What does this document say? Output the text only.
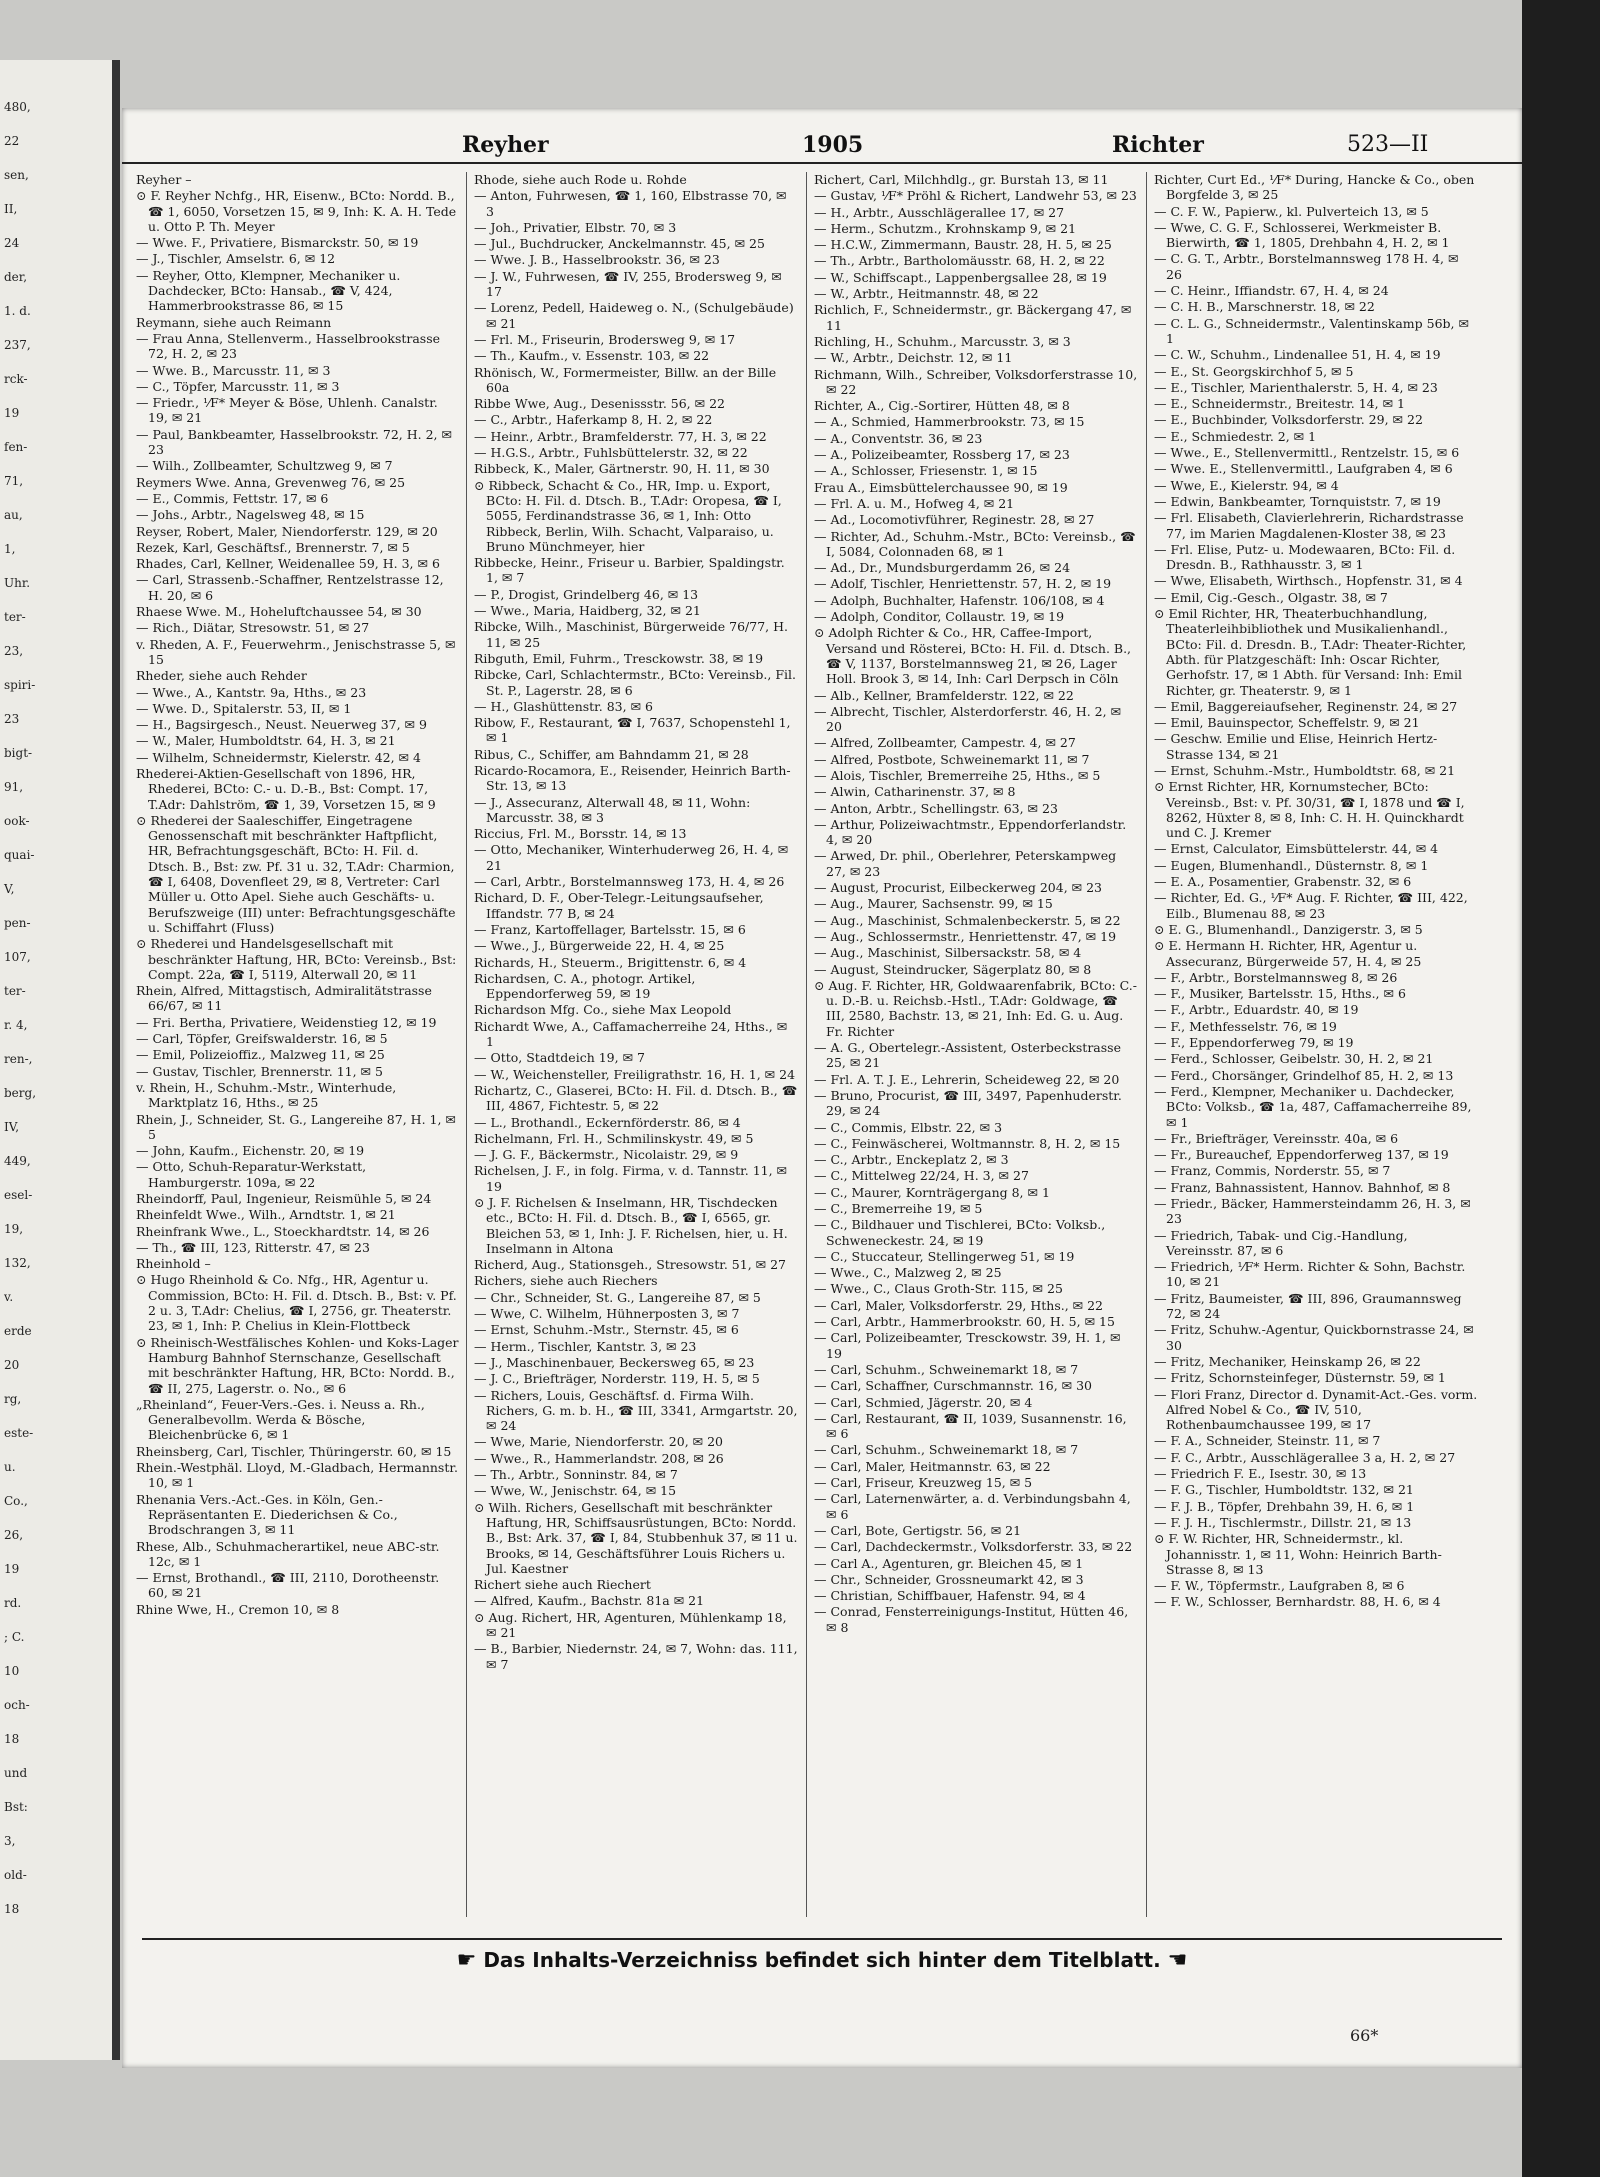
480,
22
sen,
II,
24
der,
1. d.
237,
rck-
19
fen-
71,
au,
1,
Uhr.
ter-
23,
spiri-
23
bigt-
91,
ook-
quai-
V,
pen-
107,
ter-
r. 4,
ren-,
berg,
IV,
449,
esel-
19,
132,
v.
erde
20
rg,
este-
u.
Co.,
26,
19
rd.
; C.
10
och-
18
und
Bst:
3,
old-
18
Reyher	1905	Richter	523—II
Reyher –
⊙ F. Reyher Nchfg., HR, Eisenw., BCto: Nordd. B., ☎ 1, 6050, Vorsetzen 15, ✉ 9, Inh: K. A. H. Tede u. Otto P. Th. Meyer
— Wwe. F., Privatiere, Bismarckstr. 50, ✉ 19
— J., Tischler, Amselstr. 6, ✉ 12
— Reyher, Otto, Klempner, Mechaniker u. Dachdecker, BCto: Hansab., ☎ V, 424, Hammerbrookstrasse 86, ✉ 15
Reymann, siehe auch Reimann
— Frau Anna, Stellenverm., Hasselbrookstrasse 72, H. 2, ✉ 23
— Wwe. B., Marcusstr. 11, ✉ 3
— C., Töpfer, Marcusstr. 11, ✉ 3
— Friedr., ⅟F* Meyer & Böse, Uhlenh. Canalstr. 19, ✉ 21
— Paul, Bankbeamter, Hasselbrookstr. 72, H. 2, ✉ 23
— Wilh., Zollbeamter, Schultzweg 9, ✉ 7
Reymers Wwe. Anna, Grevenweg 76, ✉ 25
— E., Commis, Fettstr. 17, ✉ 6
— Johs., Arbtr., Nagelsweg 48, ✉ 15
Reyser, Robert, Maler, Niendorferstr. 129, ✉ 20
Rezek, Karl, Geschäftsf., Brennerstr. 7, ✉ 5
Rhades, Carl, Kellner, Weidenallee 59, H. 3, ✉ 6
— Carl, Strassenb.-Schaffner, Rentzelstrasse 12, H. 20, ✉ 6
Rhaese Wwe. M., Hoheluftchaussee 54, ✉ 30
— Rich., Diätar, Stresowstr. 51, ✉ 27
v. Rheden, A. F., Feuerwehrm., Jenischstrasse 5, ✉ 15
Rheder, siehe auch Rehder
— Wwe., A., Kantstr. 9a, Hths., ✉ 23
— Wwe. D., Spitalerstr. 53, II, ✉ 1
— H., Bagsirgesch., Neust. Neuerweg 37, ✉ 9
— W., Maler, Humboldtstr. 64, H. 3, ✉ 21
— Wilhelm, Schneidermstr, Kielerstr. 42, ✉ 4
Rhederei-Aktien-Gesellschaft von 1896, HR, Rhederei, BCto: C.- u. D.-B., Bst: Compt. 17, T.Adr: Dahlström, ☎ 1, 39, Vorsetzen 15, ✉ 9
⊙ Rhederei der Saaleschiffer, Eingetragene Genossenschaft mit beschränkter Haftpflicht, HR, Befrachtungsgeschäft, BCto: H. Fil. d. Dtsch. B., Bst: zw. Pf. 31 u. 32, T.Adr: Charmion, ☎ I, 6408, Dovenfleet 29, ✉ 8, Vertreter: Carl Müller u. Otto Apel. Siehe auch Geschäfts- u. Berufszweige (III) unter: Befrachtungsgeschäfte u. Schiffahrt (Fluss)
⊙ Rhederei und Handelsgesellschaft mit beschränkter Haftung, HR, BCto: Vereinsb., Bst: Compt. 22a, ☎ I, 5119, Alterwall 20, ✉ 11
Rhein, Alfred, Mittagstisch, Admiralitätstrasse 66/67, ✉ 11
— Fri. Bertha, Privatiere, Weidenstieg 12, ✉ 19
— Carl, Töpfer, Greifswalderstr. 16, ✉ 5
— Emil, Polizeioffiz., Malzweg 11, ✉ 25
— Gustav, Tischler, Brennerstr. 11, ✉ 5
v. Rhein, H., Schuhm.-Mstr., Winterhude, Marktplatz 16, Hths., ✉ 25
Rhein, J., Schneider, St. G., Langereihe 87, H. 1, ✉ 5
— John, Kaufm., Eichenstr. 20, ✉ 19
— Otto, Schuh-Reparatur-Werkstatt, Hamburgerstr. 109a, ✉ 22
Rheindorff, Paul, Ingenieur, Reismühle 5, ✉ 24
Rheinfeldt Wwe., Wilh., Arndtstr. 1, ✉ 21
Rheinfrank Wwe., L., Stoeckhardtstr. 14, ✉ 26
— Th., ☎ III, 123, Ritterstr. 47, ✉ 23
Rheinhold –
⊙ Hugo Rheinhold & Co. Nfg., HR, Agentur u. Commission, BCto: H. Fil. d. Dtsch. B., Bst: v. Pf. 2 u. 3, T.Adr: Chelius, ☎ I, 2756, gr. Theaterstr. 23, ✉ 1, Inh: P. Chelius in Klein-Flottbeck
⊙ Rheinisch-Westfälisches Kohlen- und Koks-Lager Hamburg Bahnhof Sternschanze, Gesellschaft mit beschränkter Haftung, HR, BCto: Nordd. B., ☎ II, 275, Lagerstr. o. No., ✉ 6
„Rheinland“, Feuer-Vers.-Ges. i. Neuss a. Rh., Generalbevollm. Werda & Bösche, Bleichenbrücke 6, ✉ 1
Rheinsberg, Carl, Tischler, Thüringerstr. 60, ✉ 15
Rhein.-Westphäl. Lloyd, M.-Gladbach, Hermannstr. 10, ✉ 1
Rhenania Vers.-Act.-Ges. in Köln, Gen.-Repräsentanten E. Diederichsen & Co., Brodschrangen 3, ✉ 11
Rhese, Alb., Schuhmacherartikel, neue ABC-str. 12c, ✉ 1
— Ernst, Brothandl., ☎ III, 2110, Dorotheenstr. 60, ✉ 21
Rhine Wwe, H., Cremon 10, ✉ 8
Rhode, siehe auch Rode u. Rohde
— Anton, Fuhrwesen, ☎ 1, 160, Elbstrasse 70, ✉ 3
— Joh., Privatier, Elbstr. 70, ✉ 3
— Jul., Buchdrucker, Anckelmannstr. 45, ✉ 25
— Wwe. J. B., Hasselbrookstr. 36, ✉ 23
— J. W., Fuhrwesen, ☎ IV, 255, Brodersweg 9, ✉ 17
— Lorenz, Pedell, Haideweg o. N., (Schulgebäude) ✉ 21
— Frl. M., Friseurin, Brodersweg 9, ✉ 17
— Th., Kaufm., v. Essenstr. 103, ✉ 22
Rhönisch, W., Formermeister, Billw. an der Bille 60a
Ribbe Wwe, Aug., Desenissstr. 56, ✉ 22
— C., Arbtr., Haferkamp 8, H. 2, ✉ 22
— Heinr., Arbtr., Bramfelderstr. 77, H. 3, ✉ 22
— H.G.S., Arbtr., Fuhlsbüttelerstr. 32, ✉ 22
Ribbeck, K., Maler, Gärtnerstr. 90, H. 11, ✉ 30
⊙ Ribbeck, Schacht & Co., HR, Imp. u. Export, BCto: H. Fil. d. Dtsch. B., T.Adr: Oropesa, ☎ I, 5055, Ferdinandstrasse 36, ✉ 1, Inh: Otto Ribbeck, Berlin, Wilh. Schacht, Valparaiso, u. Bruno Münchmeyer, hier
Ribbecke, Heinr., Friseur u. Barbier, Spaldingstr. 1, ✉ 7
— P., Drogist, Grindelberg 46, ✉ 13
— Wwe., Maria, Haidberg, 32, ✉ 21
Ribcke, Wilh., Maschinist, Bürgerweide 76/77, H. 11, ✉ 25
Ribguth, Emil, Fuhrm., Tresckowstr. 38, ✉ 19
Ribcke, Carl, Schlachtermstr., BCto: Vereinsb., Fil. St. P., Lagerstr. 28, ✉ 6
— H., Glashüttenstr. 83, ✉ 6
Ribow, F., Restaurant, ☎ I, 7637, Schopenstehl 1, ✉ 1
Ribus, C., Schiffer, am Bahndamm 21, ✉ 28
Ricardo-Rocamora, E., Reisender, Heinrich Barth-Str. 13, ✉ 13
— J., Assecuranz, Alterwall 48, ✉ 11, Wohn: Marcusstr. 38, ✉ 3
Riccius, Frl. M., Borsstr. 14, ✉ 13
— Otto, Mechaniker, Winterhuderweg 26, H. 4, ✉ 21
— Carl, Arbtr., Borstelmannsweg 173, H. 4, ✉ 26
Richard, D. F., Ober-Telegr.-Leitungsaufseher, Iffandstr. 77 B, ✉ 24
— Franz, Kartoffellager, Bartelsstr. 15, ✉ 6
— Wwe., J., Bürgerweide 22, H. 4, ✉ 25
Richards, H., Steuerm., Brigittenstr. 6, ✉ 4
Richardsen, C. A., photogr. Artikel, Eppendorferweg 59, ✉ 19
Richardson Mfg. Co., siehe Max Leopold
Richardt Wwe, A., Caffamacherreihe 24, Hths., ✉ 1
— Otto, Stadtdeich 19, ✉ 7
— W., Weichensteller, Freiligrathstr. 16, H. 1, ✉ 24
Richartz, C., Glaserei, BCto: H. Fil. d. Dtsch. B., ☎ III, 4867, Fichtestr. 5, ✉ 22
— L., Brothandl., Eckernförderstr. 86, ✉ 4
Richelmann, Frl. H., Schmilinskystr. 49, ✉ 5
— J. G. F., Bäckermstr., Nicolaistr. 29, ✉ 9
Richelsen, J. F., in folg. Firma, v. d. Tannstr. 11, ✉ 19
⊙ J. F. Richelsen & Inselmann, HR, Tischdecken etc., BCto: H. Fil. d. Dtsch. B., ☎ I, 6565, gr. Bleichen 53, ✉ 1, Inh: J. F. Richelsen, hier, u. H. Inselmann in Altona
Richerd, Aug., Stationsgeh., Stresowstr. 51, ✉ 27
Richers, siehe auch Riechers
— Chr., Schneider, St. G., Langereihe 87, ✉ 5
— Wwe, C. Wilhelm, Hühnerposten 3, ✉ 7
— Ernst, Schuhm.-Mstr., Sternstr. 45, ✉ 6
— Herm., Tischler, Kantstr. 3, ✉ 23
— J., Maschinenbauer, Beckersweg 65, ✉ 23
— J. C., Briefträger, Norderstr. 119, H. 5, ✉ 5
— Richers, Louis, Geschäftsf. d. Firma Wilh. Richers, G. m. b. H., ☎ III, 3341, Armgartstr. 20, ✉ 24
— Wwe, Marie, Niendorferstr. 20, ✉ 20
— Wwe., R., Hammerlandstr. 208, ✉ 26
— Th., Arbtr., Sonninstr. 84, ✉ 7
— Wwe, W., Jenischstr. 64, ✉ 15
⊙ Wilh. Richers, Gesellschaft mit beschränkter Haftung, HR, Schiffsausrüstungen, BCto: Nordd. B., Bst: Ark. 37, ☎ I, 84, Stubbenhuk 37, ✉ 11 u. Brooks, ✉ 14, Geschäftsführer Louis Richers u. Jul. Kaestner
Richert siehe auch Riechert
— Alfred, Kaufm., Bachstr. 81a ✉ 21
⊙ Aug. Richert, HR, Agenturen, Mühlenkamp 18, ✉ 21
— B., Barbier, Niedernstr. 24, ✉ 7, Wohn: das. 111, ✉ 7
Richert, Carl, Milchhdlg., gr. Burstah 13, ✉ 11
— Gustav, ⅟F* Pröhl & Richert, Landwehr 53, ✉ 23
— H., Arbtr., Ausschlägerallee 17, ✉ 27
— Herm., Schutzm., Krohnskamp 9, ✉ 21
— H.C.W., Zimmermann, Baustr. 28, H. 5, ✉ 25
— Th., Arbtr., Bartholomäusstr. 68, H. 2, ✉ 22
— W., Schiffscapt., Lappenbergsallee 28, ✉ 19
— W., Arbtr., Heitmannstr. 48, ✉ 22
Richlich, F., Schneidermstr., gr. Bäckergang 47, ✉ 11
Richling, H., Schuhm., Marcusstr. 3, ✉ 3
— W., Arbtr., Deichstr. 12, ✉ 11
Richmann, Wilh., Schreiber, Volksdorferstrasse 10, ✉ 22
Richter, A., Cig.-Sortirer, Hütten 48, ✉ 8
— A., Schmied, Hammerbrookstr. 73, ✉ 15
— A., Conventstr. 36, ✉ 23
— A., Polizeibeamter, Rossberg 17, ✉ 23
— A., Schlosser, Friesenstr. 1, ✉ 15
Frau A., Eimsbüttelerchaussee 90, ✉ 19
— Frl. A. u. M., Hofweg 4, ✉ 21
— Ad., Locomotivführer, Reginestr. 28, ✉ 27
— Richter, Ad., Schuhm.-Mstr., BCto: Vereinsb., ☎ I, 5084, Colonnaden 68, ✉ 1
— Ad., Dr., Mundsburgerdamm 26, ✉ 24
— Adolf, Tischler, Henriettenstr. 57, H. 2, ✉ 19
— Adolph, Buchhalter, Hafenstr. 106/108, ✉ 4
— Adolph, Conditor, Collaustr. 19, ✉ 19
⊙ Adolph Richter & Co., HR, Caffee-Import, Versand und Rösterei, BCto: H. Fil. d. Dtsch. B., ☎ V, 1137, Borstelmannsweg 21, ✉ 26, Lager Holl. Brook 3, ✉ 14, Inh: Carl Derpsch in Cöln
— Alb., Kellner, Bramfelderstr. 122, ✉ 22
— Albrecht, Tischler, Alsterdorferstr. 46, H. 2, ✉ 20
— Alfred, Zollbeamter, Campestr. 4, ✉ 27
— Alfred, Postbote, Schweinemarkt 11, ✉ 7
— Alois, Tischler, Bremerreihe 25, Hths., ✉ 5
— Alwin, Catharinenstr. 37, ✉ 8
— Anton, Arbtr., Schellingstr. 63, ✉ 23
— Arthur, Polizeiwachtmstr., Eppendorferlandstr. 4, ✉ 20
— Arwed, Dr. phil., Oberlehrer, Peterskampweg 27, ✉ 23
— August, Procurist, Eilbeckerweg 204, ✉ 23
— Aug., Maurer, Sachsenstr. 99, ✉ 15
— Aug., Maschinist, Schmalenbeckerstr. 5, ✉ 22
— Aug., Schlossermstr., Henriettenstr. 47, ✉ 19
— Aug., Maschinist, Silbersackstr. 58, ✉ 4
— August, Steindrucker, Sägerplatz 80, ✉ 8
⊙ Aug. F. Richter, HR, Goldwaarenfabrik, BCto: C.- u. D.-B. u. Reichsb.-Hstl., T.Adr: Goldwage, ☎ III, 2580, Bachstr. 13, ✉ 21, Inh: Ed. G. u. Aug. Fr. Richter
— A. G., Obertelegr.-Assistent, Osterbeckstrasse 25, ✉ 21
— Frl. A. T. J. E., Lehrerin, Scheideweg 22, ✉ 20
— Bruno, Procurist, ☎ III, 3497, Papenhuderstr. 29, ✉ 24
— C., Commis, Elbstr. 22, ✉ 3
— C., Feinwäscherei, Woltmannstr. 8, H. 2, ✉ 15
— C., Arbtr., Enckeplatz 2, ✉ 3
— C., Mittelweg 22/24, H. 3, ✉ 27
— C., Maurer, Kornträgergang 8, ✉ 1
— C., Bremerreihe 19, ✉ 5
— C., Bildhauer und Tischlerei, BCto: Volksb., Schweneckestr. 24, ✉ 19
— C., Stuccateur, Stellingerweg 51, ✉ 19
— Wwe., C., Malzweg 2, ✉ 25
— Wwe., C., Claus Groth-Str. 115, ✉ 25
— Carl, Maler, Volksdorferstr. 29, Hths., ✉ 22
— Carl, Arbtr., Hammerbrookstr. 60, H. 5, ✉ 15
— Carl, Polizeibeamter, Tresckowstr. 39, H. 1, ✉ 19
— Carl, Schuhm., Schweinemarkt 18, ✉ 7
— Carl, Schaffner, Curschmannstr. 16, ✉ 30
— Carl, Schmied, Jägerstr. 20, ✉ 4
— Carl, Restaurant, ☎ II, 1039, Susannenstr. 16, ✉ 6
— Carl, Schuhm., Schweinemarkt 18, ✉ 7
— Carl, Maler, Heitmannstr. 63, ✉ 22
— Carl, Friseur, Kreuzweg 15, ✉ 5
— Carl, Laternenwärter, a. d. Verbindungsbahn 4, ✉ 6
— Carl, Bote, Gertigstr. 56, ✉ 21
— Carl, Dachdeckermstr., Volksdorferstr. 33, ✉ 22
— Carl A., Agenturen, gr. Bleichen 45, ✉ 1
— Chr., Schneider, Grossneumarkt 42, ✉ 3
— Christian, Schiffbauer, Hafenstr. 94, ✉ 4
— Conrad, Fensterreinigungs-Institut, Hütten 46, ✉ 8
Richter, Curt Ed., ⅟F* During, Hancke & Co., oben Borgfelde 3, ✉ 25
— C. F. W., Papierw., kl. Pulverteich 13, ✉ 5
— Wwe, C. G. F., Schlosserei, Werkmeister B. Bierwirth, ☎ 1, 1805, Drehbahn 4, H. 2, ✉ 1
— C. G. T., Arbtr., Borstelmannsweg 178 H. 4, ✉ 26
— C. Heinr., Iffiandstr. 67, H. 4, ✉ 24
— C. H. B., Marschnerstr. 18, ✉ 22
— C. L. G., Schneidermstr., Valentinskamp 56b, ✉ 1
— C. W., Schuhm., Lindenallee 51, H. 4, ✉ 19
— E., St. Georgskirchhof 5, ✉ 5
— E., Tischler, Marienthalerstr. 5, H. 4, ✉ 23
— E., Schneidermstr., Breitestr. 14, ✉ 1
— E., Buchbinder, Volksdorferstr. 29, ✉ 22
— E., Schmiedestr. 2, ✉ 1
— Wwe., E., Stellenvermittl., Rentzelstr. 15, ✉ 6
— Wwe. E., Stellenvermittl., Laufgraben 4, ✉ 6
— Wwe, E., Kielerstr. 94, ✉ 4
— Edwin, Bankbeamter, Tornquiststr. 7, ✉ 19
— Frl. Elisabeth, Clavierlehrerin, Richardstrasse 77, im Marien Magdalenen-Kloster 38, ✉ 23
— Frl. Elise, Putz- u. Modewaaren, BCto: Fil. d. Dresdn. B., Rathhausstr. 3, ✉ 1
— Wwe, Elisabeth, Wirthsch., Hopfenstr. 31, ✉ 4
— Emil, Cig.-Gesch., Olgastr. 38, ✉ 7
⊙ Emil Richter, HR, Theaterbuchhandlung, Theaterleihbibliothek und Musikalienhandl., BCto: Fil. d. Dresdn. B., T.Adr: Theater-Richter, Abth. für Platzgeschäft: Inh: Oscar Richter, Gerhofstr. 17, ✉ 1 Abth. für Versand: Inh: Emil Richter, gr. Theaterstr. 9, ✉ 1
— Emil, Baggereiaufseher, Reginenstr. 24, ✉ 27
— Emil, Bauinspector, Scheffelstr. 9, ✉ 21
— Geschw. Emilie und Elise, Heinrich Hertz-Strasse 134, ✉ 21
— Ernst, Schuhm.-Mstr., Humboldtstr. 68, ✉ 21
⊙ Ernst Richter, HR, Kornumstecher, BCto: Vereinsb., Bst: v. Pf. 30/31, ☎ I, 1878 und ☎ I, 8262, Hüxter 8, ✉ 8, Inh: C. H. H. Quinckhardt und C. J. Kremer
— Ernst, Calculator, Eimsbüttelerstr. 44, ✉ 4
— Eugen, Blumenhandl., Düsternstr. 8, ✉ 1
— E. A., Posamentier, Grabenstr. 32, ✉ 6
— Richter, Ed. G., ⅟F* Aug. F. Richter, ☎ III, 422, Eilb., Blumenau 88, ✉ 23
⊙ E. G., Blumenhandl., Danzigerstr. 3, ✉ 5
⊙ E. Hermann H. Richter, HR, Agentur u. Assecuranz, Bürgerweide 57, H. 4, ✉ 25
— F., Arbtr., Borstelmannsweg 8, ✉ 26
— F., Musiker, Bartelsstr. 15, Hths., ✉ 6
— F., Arbtr., Eduardstr. 40, ✉ 19
— F., Methfesselstr. 76, ✉ 19
— F., Eppendorferweg 79, ✉ 19
— Ferd., Schlosser, Geibelstr. 30, H. 2, ✉ 21
— Ferd., Chorsänger, Grindelhof 85, H. 2, ✉ 13
— Ferd., Klempner, Mechaniker u. Dachdecker, BCto: Volksb., ☎ 1a, 487, Caffamacherreihe 89, ✉ 1
— Fr., Briefträger, Vereinsstr. 40a, ✉ 6
— Fr., Bureauchef, Eppendorferweg 137, ✉ 19
— Franz, Commis, Norderstr. 55, ✉ 7
— Franz, Bahnassistent, Hannov. Bahnhof, ✉ 8
— Friedr., Bäcker, Hammersteindamm 26, H. 3, ✉ 23
— Friedrich, Tabak- und Cig.-Handlung, Vereinsstr. 87, ✉ 6
— Friedrich, ⅟F* Herm. Richter & Sohn, Bachstr. 10, ✉ 21
— Fritz, Baumeister, ☎ III, 896, Graumannsweg 72, ✉ 24
— Fritz, Schuhw.-Agentur, Quickbornstrasse 24, ✉ 30
— Fritz, Mechaniker, Heinskamp 26, ✉ 22
— Fritz, Schornsteinfeger, Düsternstr. 59, ✉ 1
— Flori Franz, Director d. Dynamit-Act.-Ges. vorm. Alfred Nobel & Co., ☎ IV, 510, Rothenbaumchaussee 199, ✉ 17
— F. A., Schneider, Steinstr. 11, ✉ 7
— F. C., Arbtr., Ausschlägerallee 3 a, H. 2, ✉ 27
— Friedrich F. E., Isestr. 30, ✉ 13
— F. G., Tischler, Humboldtstr. 132, ✉ 21
— F. J. B., Töpfer, Drehbahn 39, H. 6, ✉ 1
— F. J. H., Tischlermstr., Dillstr. 21, ✉ 13
⊙ F. W. Richter, HR, Schneidermstr., kl. Johannisstr. 1, ✉ 11, Wohn: Heinrich Barth-Strasse 8, ✉ 13
— F. W., Töpfermstr., Laufgraben 8, ✉ 6
— F. W., Schlosser, Bernhardstr. 88, H. 6, ✉ 4
☛ Das Inhalts-Verzeichniss befindet sich hinter dem Titelblatt. ☚
66*
